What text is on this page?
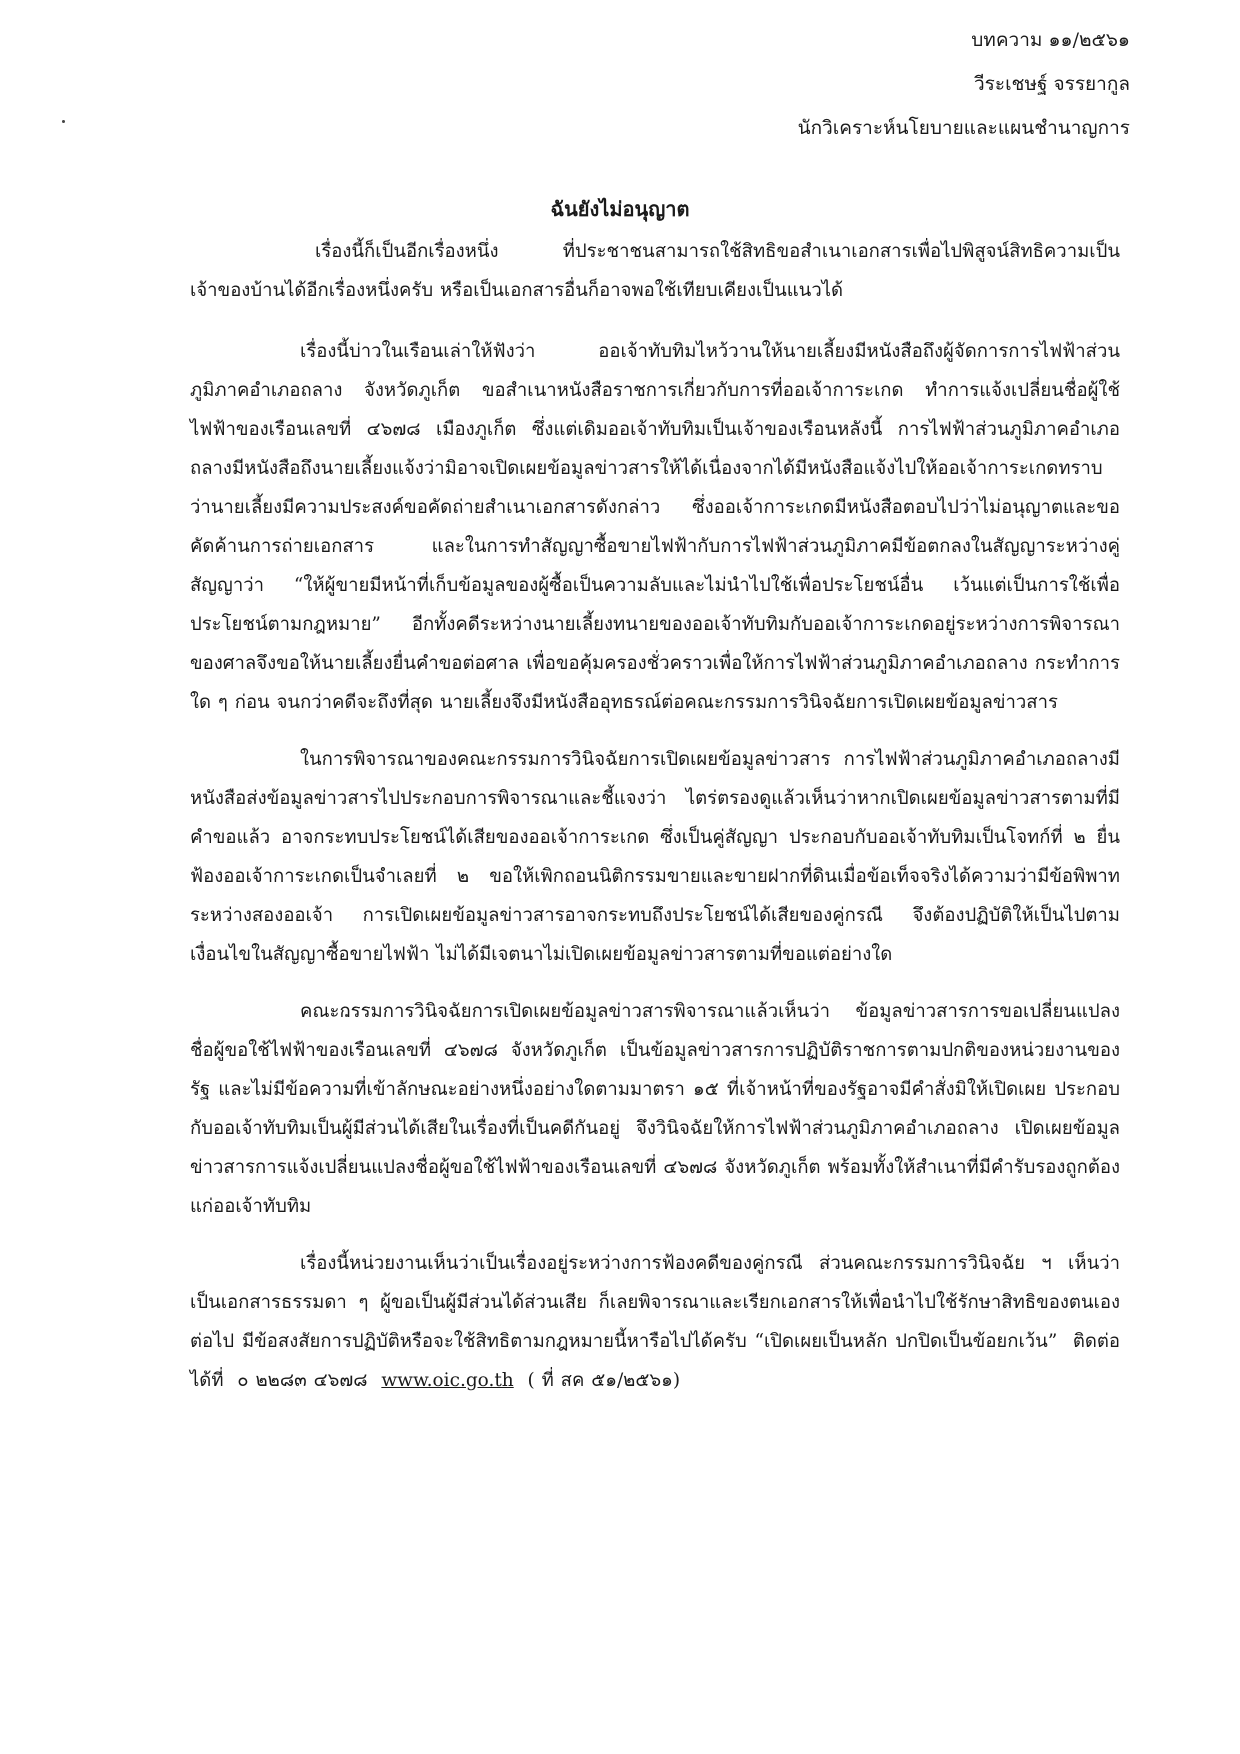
บทความ ๑๑/๒๕๖๑
วีระเชษฐ์ จรรยากูล
นักวิเคราะห์นโยบายและแผนชำนาญการ
ฉันยังไม่อนุญาต

เรื่องนี้ก็เป็นอีกเรื่องหนึ่ง ที่ประชาชนสามารถใช้สิทธิขอสำเนาเอกสารเพื่อไปพิสูจน์สิทธิความเป็นเจ้าของบ้านได้อีกเรื่องหนึ่งครับ หรือเป็นเอกสารอื่นก็อาจพอใช้เทียบเคียงเป็นแนวได้

เรื่องนี้บ่าวในเรือนเล่าให้ฟังว่า ออเจ้าทับทิมไหว้วานให้นายเลี้ยงมีหนังสือถึงผู้จัดการการไฟฟ้าส่วนภูมิภาคอำเภอถลาง จังหวัดภูเก็ต ขอสำเนาหนังสือราชการเกี่ยวกับการที่ออเจ้าการะเกด ทำการแจ้งเปลี่ยนชื่อผู้ใช้ไฟฟ้าของเรือนเลขที่ ๔๖๗๘ เมืองภูเก็ต ซึ่งแต่เดิมออเจ้าทับทิมเป็นเจ้าของเรือนหลังนี้ การไฟฟ้าส่วนภูมิภาคอำเภอถลางมีหนังสือถึงนายเลี้ยงแจ้งว่ามิอาจเปิดเผยข้อมูลข่าวสารให้ได้เนื่องจากได้มีหนังสือแจ้งไปให้ออเจ้าการะเกดทราบว่านายเลี้ยงมีความประสงค์ขอคัดถ่ายสำเนาเอกสารดังกล่าว ซึ่งออเจ้าการะเกดมีหนังสือตอบไปว่าไม่อนุญาตและขอคัดค้านการถ่ายเอกสาร และในการทำสัญญาซื้อขายไฟฟ้ากับการไฟฟ้าส่วนภูมิภาคมีข้อตกลงในสัญญาระหว่างคู่สัญญาว่า “ให้ผู้ขายมีหน้าที่เก็บข้อมูลของผู้ซื้อเป็นความลับและไม่นำไปใช้เพื่อประโยชน์อื่น เว้นแต่เป็นการใช้เพื่อประโยชน์ตามกฎหมาย” อีกทั้งคดีระหว่างนายเลี้ยงทนายของออเจ้าทับทิมกับออเจ้าการะเกดอยู่ระหว่างการพิจารณาของศาลจึงขอให้นายเลี้ยงยื่นคำขอต่อศาล เพื่อขอคุ้มครองชั่วคราวเพื่อให้การไฟฟ้าส่วนภูมิภาคอำเภอถลาง กระทำการใด ๆ ก่อน จนกว่าคดีจะถึงที่สุด นายเลี้ยงจึงมีหนังสืออุทธรณ์ต่อคณะกรรมการวินิจฉัยการเปิดเผยข้อมูลข่าวสาร

ในการพิจารณาของคณะกรรมการวินิจฉัยการเปิดเผยข้อมูลข่าวสาร การไฟฟ้าส่วนภูมิภาคอำเภอถลางมีหนังสือส่งข้อมูลข่าวสารไปประกอบการพิจารณาและชี้แจงว่า ไตร่ตรองดูแล้วเห็นว่าหากเปิดเผยข้อมูลข่าวสารตามที่มีคำขอแล้ว อาจกระทบประโยชน์ได้เสียของออเจ้าการะเกด ซึ่งเป็นคู่สัญญา ประกอบกับออเจ้าทับทิมเป็นโจทก์ที่ ๒ ยื่นฟ้องออเจ้าการะเกดเป็นจำเลยที่ ๒ ขอให้เพิกถอนนิติกรรมขายและขายฝากที่ดินเมื่อข้อเท็จจริงได้ความว่ามีข้อพิพาทระหว่างสองออเจ้า การเปิดเผยข้อมูลข่าวสารอาจกระทบถึงประโยชน์ได้เสียของคู่กรณี จึงต้องปฏิบัติให้เป็นไปตามเงื่อนไขในสัญญาซื้อขายไฟฟ้า ไม่ได้มีเจตนาไม่เปิดเผยข้อมูลข่าวสารตามที่ขอแต่อย่างใด

คณะกรรมการวินิจฉัยการเปิดเผยข้อมูลข่าวสารพิจารณาแล้วเห็นว่า ข้อมูลข่าวสารการขอเปลี่ยนแปลงชื่อผู้ขอใช้ไฟฟ้าของเรือนเลขที่ ๔๖๗๘ จังหวัดภูเก็ต เป็นข้อมูลข่าวสารการปฏิบัติราชการตามปกติของหน่วยงานของรัฐ และไม่มีข้อความที่เข้าลักษณะอย่างหนึ่งอย่างใดตามมาตรา ๑๕ ที่เจ้าหน้าที่ของรัฐอาจมีคำสั่งมิให้เปิดเผย ประกอบกับออเจ้าทับทิมเป็นผู้มีส่วนได้เสียในเรื่องที่เป็นคดีกันอยู่ จึงวินิจฉัยให้การไฟฟ้าส่วนภูมิภาคอำเภอถลาง เปิดเผยข้อมูลข่าวสารการแจ้งเปลี่ยนแปลงชื่อผู้ขอใช้ไฟฟ้าของเรือนเลขที่ ๔๖๗๘ จังหวัดภูเก็ต พร้อมทั้งให้สำเนาที่มีคำรับรองถูกต้องแก่ออเจ้าทับทิม

เรื่องนี้หน่วยงานเห็นว่าเป็นเรื่องอยู่ระหว่างการฟ้องคดีของคู่กรณี ส่วนคณะกรรมการวินิจฉัย ฯ เห็นว่าเป็นเอกสารธรรมดา ๆ ผู้ขอเป็นผู้มีส่วนได้ส่วนเสีย ก็เลยพิจารณาและเรียกเอกสารให้เพื่อนำไปใช้รักษาสิทธิของตนเองต่อไป มีข้อสงสัยการปฏิบัติหรือจะใช้สิทธิตามกฎหมายนี้หารือไปได้ครับ “เปิดเผยเป็นหลัก ปกปิดเป็นข้อยกเว้น” ติดต่อได้ที่ ๐ ๒๒๘๓ ๔๖๗๘ www.oic.go.th ( ที่ สค ๕๑/๒๕๖๑)
